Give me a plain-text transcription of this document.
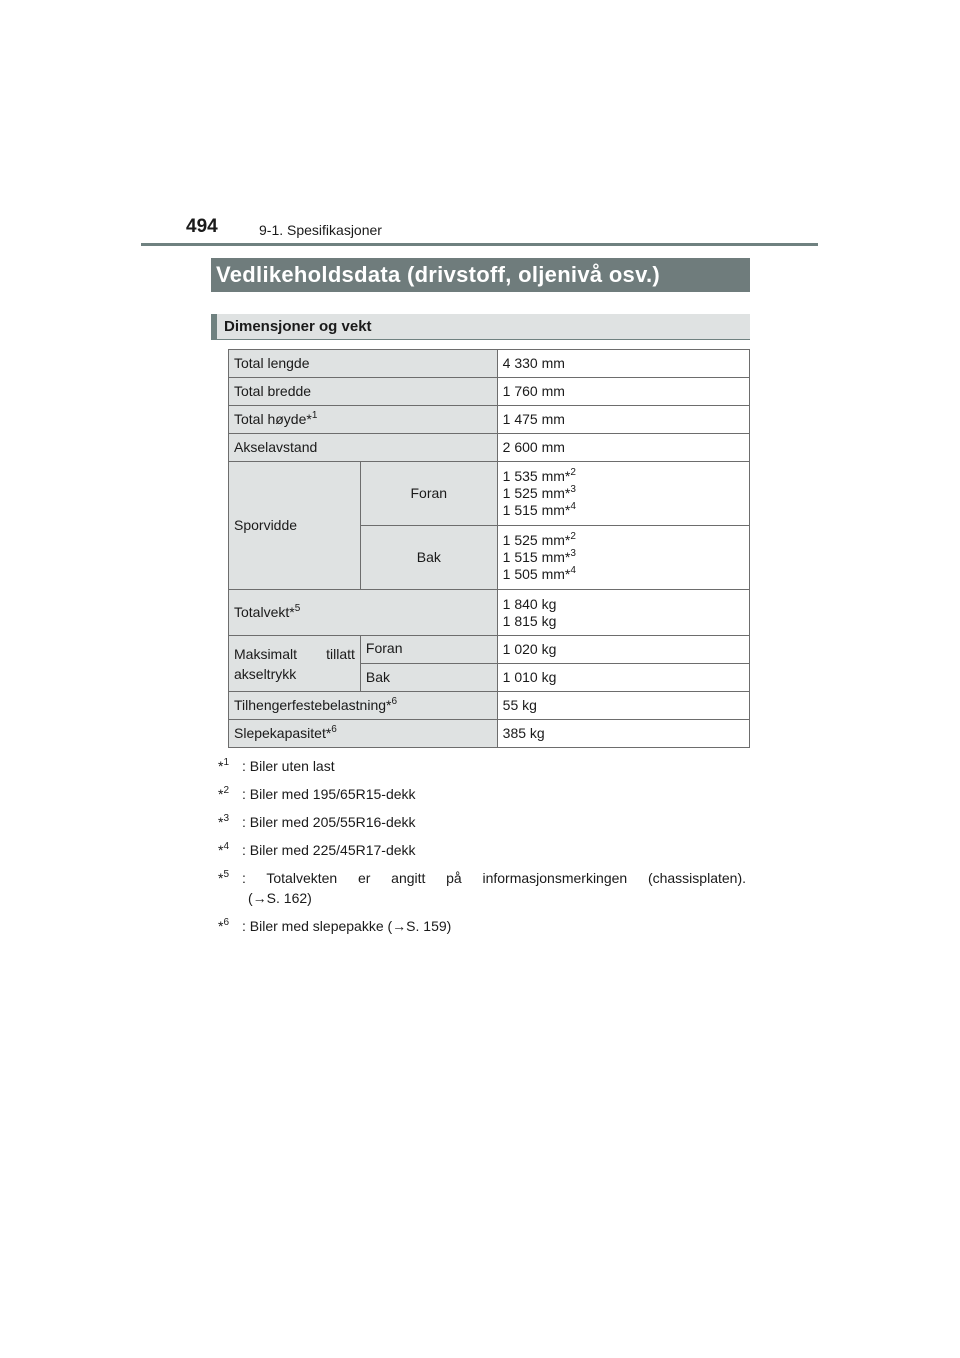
494	9-1. Spesifikasjoner
Vedlikeholdsdata (drivstoff, oljenivå osv.)
Dimensjoner og vekt
Total lengde		4 330 mm
Total bredde		1 760 mm
Total høyde*$^1$		1 475 mm
Akselavstand		2 600 mm
Sporvidde	Foran	1 535 mm*$^2$
1 525 mm*$^3$
1 515 mm*$^4$

	Bak	1 525 mm*$^2$
1 515 mm*$^3$
1 505 mm*$^4$

Totalvekt*$^5$		1 840 kg
1 815 kg

Maksimalt tillatt
akseltrykk	Foran	1 020 kg
	Bak	1 010 kg
Tilhengerfestebelastning*$^6$		55 kg
Slepekapasitet*$^6$		385 kg
*$^1$ : Biler uten last
*$^2$ : Biler med 195/65R15-dekk
*$^3$ : Biler med 205/55R16-dekk
*$^4$ : Biler med 225/45R17-dekk
*$^5$ : Totalvekten er angitt på informasjonsmerkingen (chassisplaten).
(→S. 162)
*$^6$ : Biler med slepepakke (→S. 159)
